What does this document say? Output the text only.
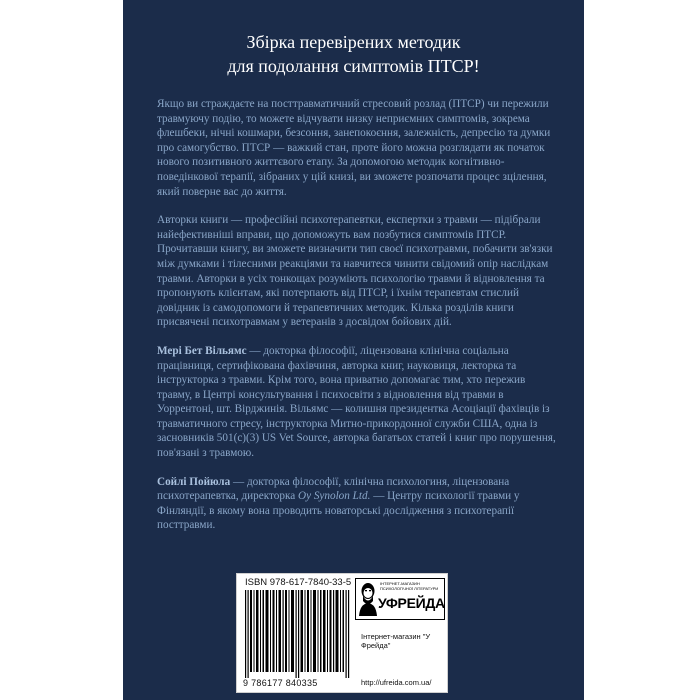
Збірка перевірених методик
для подолання симптомів ПТСР!

Якщо ви страждаєте на посттравматичний стресовий розлад (ПТСР) чи пережили травмуючу подію, то можете відчувати низку неприємних симптомів, зокрема флешбеки, нічні кошмари, безсоння, занепокоєння, залежність, депресію та думки про самогубство. ПТСР — важкий стан, проте його можна розглядати як початок нового позитивного життєвого етапу. За допомогою методик когнітивно-поведінкової терапії, зібраних у цій книзі, ви зможете розпочати процес зцілення, який поверне вас до життя.

Авторки книги — професійні психотерапевтки, експертки з травми — підібрали найефективніші вправи, що допоможуть вам позбутися симптомів ПТСР. Прочитавши книгу, ви зможете визначити тип своєї психотравми, побачити зв'язки між думками і тілесними реакціями та навчитеся чинити свідомий опір наслідкам травми. Авторки в усіх тонкощах розуміють психологію травми й відновлення та пропонують клієнтам, які потерпають від ПТСР, і їхнім терапевтам стислий довідник із самодопомоги й терапевтичних методик. Кілька розділів книги присвячені психотравмам у ветеранів з досвідом бойових дій.

Мері Бет Вільямс — докторка філософії, ліцензована клінічна соціальна працівниця, сертифікована фахівчиня, авторка книг, науковиця, лекторка та інструкторка з травми. Крім того, вона приватно допомагає тим, хто пережив травму, в Центрі консультування і психосвіти з відновлення від травми в Уоррентоні, шт. Вірджинія. Вільямс — колишня президентка Асоціації фахівців із травматичного стресу, інструкторка Митно-прикордонної служби США, одна із засновників 501(c)(3) US Vet Source, авторка багатьох статей і книг про порушення, пов'язані з травмою.

Сойлі Пойюла — докторка філософії, клінічна психологиня, ліцензована психотерапевтка, директорка Oy Synolon Ltd. — Центру психології травми у Фінляндії, в якому вона проводить новаторські дослідження з психотерапії посттравми.

ISBN 978-617-7840-33-5
9 786177 840335
ІНТЕРНЕТ-МАГАЗИН ПСИХОЛОГІЧНОЇ ЛІТЕРАТУРИ
УФРЕЙДА
Інтернет-магазин "У Фрейда"
http://ufreida.com.ua/
